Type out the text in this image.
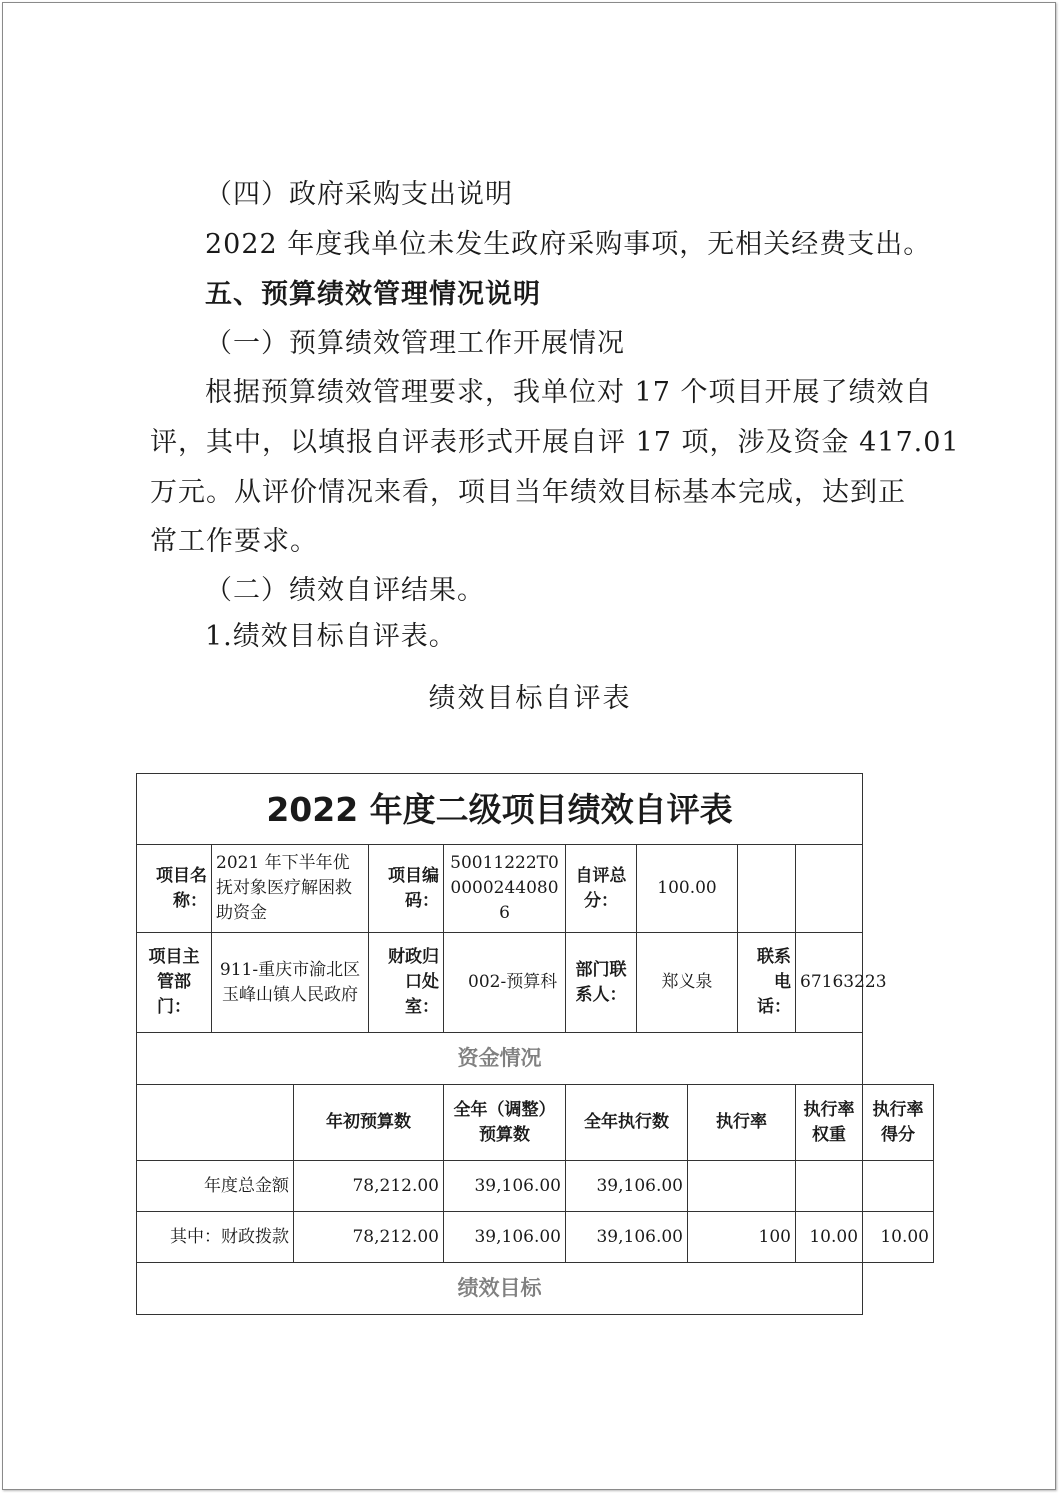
（四）政府采购支出说明
2022 年度我单位未发生政府采购事项，无相关经费支出。
五、预算绩效管理情况说明
（一）预算绩效管理工作开展情况
根据预算绩效管理要求，我单位对 17 个项目开展了绩效自
评，其中，以填报自评表形式开展自评 17 项，涉及资金 417.01
万元。从评价情况来看，项目当年绩效目标基本完成，达到正
常工作要求。
（二）绩效自评结果。
1.绩效目标自评表。
绩效目标自评表
2022 年度二级项目绩效自评表										
项目名称：	2021 年下半年优抚对象医疗解困救助资金		项目编码：	50011222T000002440806	自评总分：	100.00				
项目主管部门：	911-重庆市渝北区玉峰山镇人民政府		财政归口处室：	002-预算科	部门联系人：	郑义泉		联系电话：	67163223	
资金情况										
		年初预算数		全年（调整）预算数	全年执行数		执行率		执行率权重	执行率得分
年度总金额		78,212.00		39,106.00	39,106.00					
其中：财政拨款		78,212.00		39,106.00	39,106.00		100		10.00	10.00
绩效目标										
